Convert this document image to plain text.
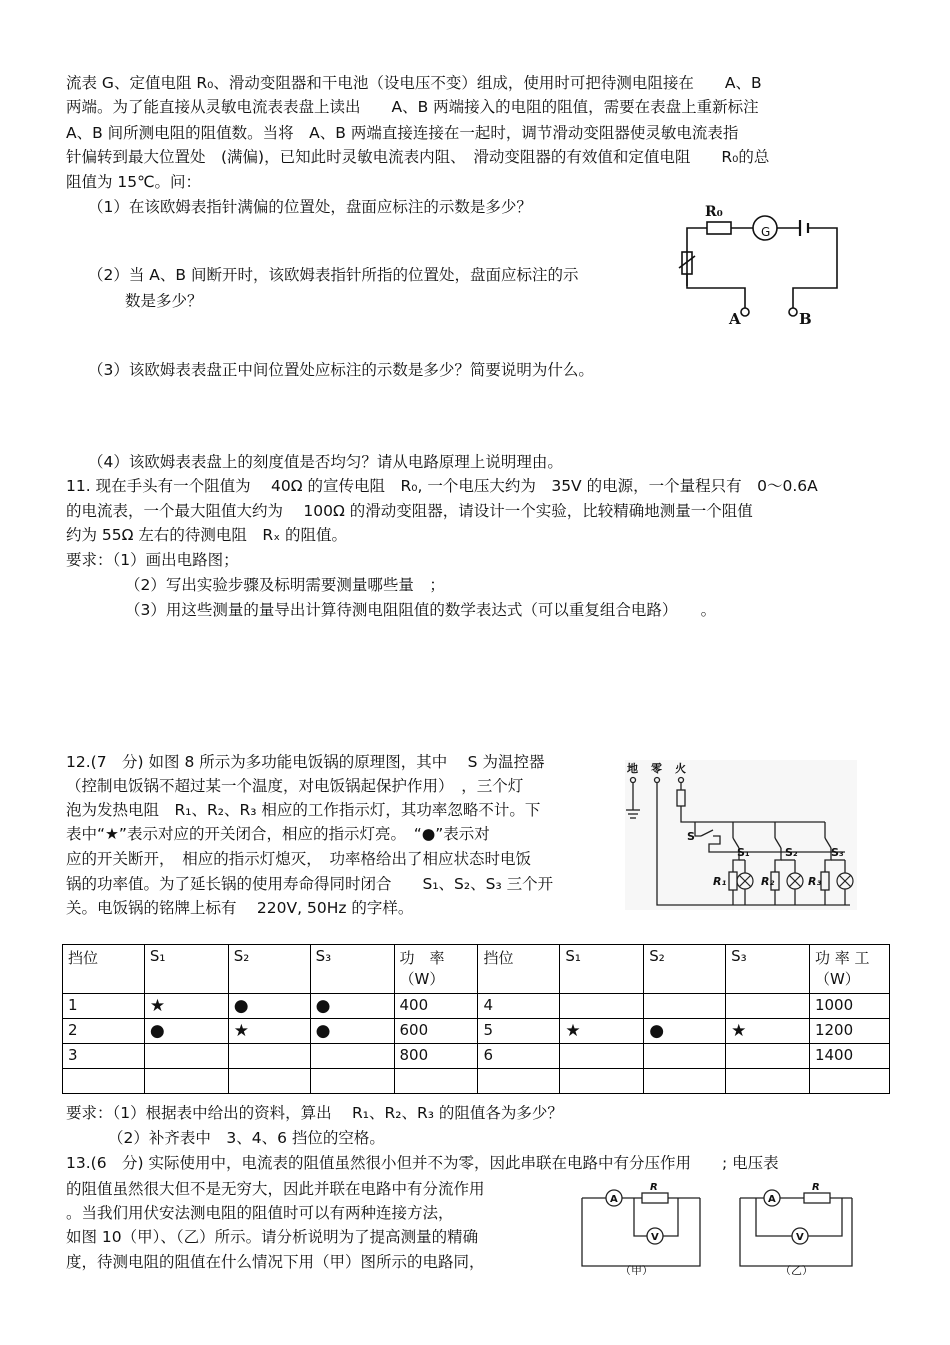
流表 G、定值电阻 R₀、滑动变阻器和干电池（设电压不变）组成，使用时可把待测电阻接在　　A、B
两端。为了能直接从灵敏电流表表盘上读出　　A、B 两端接入的电阻的阻值，需要在表盘上重新标注
A、B 间所测电阻的阻值数。当将　A、B 两端直接连接在一起时，调节滑动变阻器使灵敏电流表指
针偏转到最大位置处　(满偏)，已知此时灵敏电流表内阻、　滑动变阻器的有效值和定值电阻　　R₀的总
阻值为 15℃。问：
（1）在该欧姆表指针满偏的位置处，盘面应标注的示数是多少？
（2）当 A、B 间断开时，该欧姆表指针所指的位置处，盘面应标注的示
数是多少？
（3）该欧姆表表盘正中间位置处应标注的示数是多少？简要说明为什么。
（4）该欧姆表表盘上的刻度值是否均匀？请从电路原理上说明理由。
R₀
G
A	B
11. 现在手头有一个阻值为　 40Ω 的宣传电阻　R₀, 一个电压大约为　35V 的电源，一个量程只有　0～0.6A
的电流表，一个最大阻值大约为　 100Ω 的滑动变阻器，请设计一个实验，比较精确地测量一个阻值
约为 55Ω 左右的待测电阻　Rₓ 的阻值。
要求：（1）画出电路图；
（2）写出实验步骤及标明需要测量哪些量　；
（3）用这些测量的量导出计算待测电阻阻值的数学表达式（可以重复组合电路）　　。
12.(7　分) 如图 8 所示为多功能电饭锅的原理图，其中　 S 为温控器
（控制电饭锅不超过某一个温度，对电饭锅起保护作用）　，三个灯
泡为发热电阻　R₁、R₂、R₃ 相应的工作指示灯，其功率忽略不计。下
表中“★”表示对应的开关闭合，相应的指示灯亮。　“●”表示对
应的开关断开，　相应的指示灯熄灭，　功率格给出了相应状态时电饭
锅的功率值。为了延长锅的使用寿命得同时闭合　　S₁、S₂、S₃ 三个开
关。电饭锅的铭牌上标有　 220V, 50Hz 的字样。
地 零 火
S
S₁	S₂	S₃
R₁	R₂	R₃
挡位	S₁	S₂	S₃	功　率（W）	挡位	S₁	S₂	S₃	功 率 工（W）
1	★	●	●	400	4				1000
2	●	★	●	600	5	★	●	★	1200
3				800	6				1400

要求：（1）根据表中给出的资料，算出　 R₁、R₂、R₃ 的阻值各为多少？
（2）补齐表中　3、4、6 挡位的空格。
13.(6　分) 实际使用中，电流表的阻值虽然很小但并不为零，因此串联在电路中有分压作用　　; 电压表
的阻值虽然很大但不是无穷大，因此并联在电路中有分流作用
。当我们用伏安法测电阻的阻值时可以有两种连接方法，
如图 10（甲）、（乙）所示。请分析说明为了提高测量的精确
度，待测电阻的阻值在什么情况下用（甲）图所示的电路同，
A
V
R
A
V
R
（甲）	（乙）
